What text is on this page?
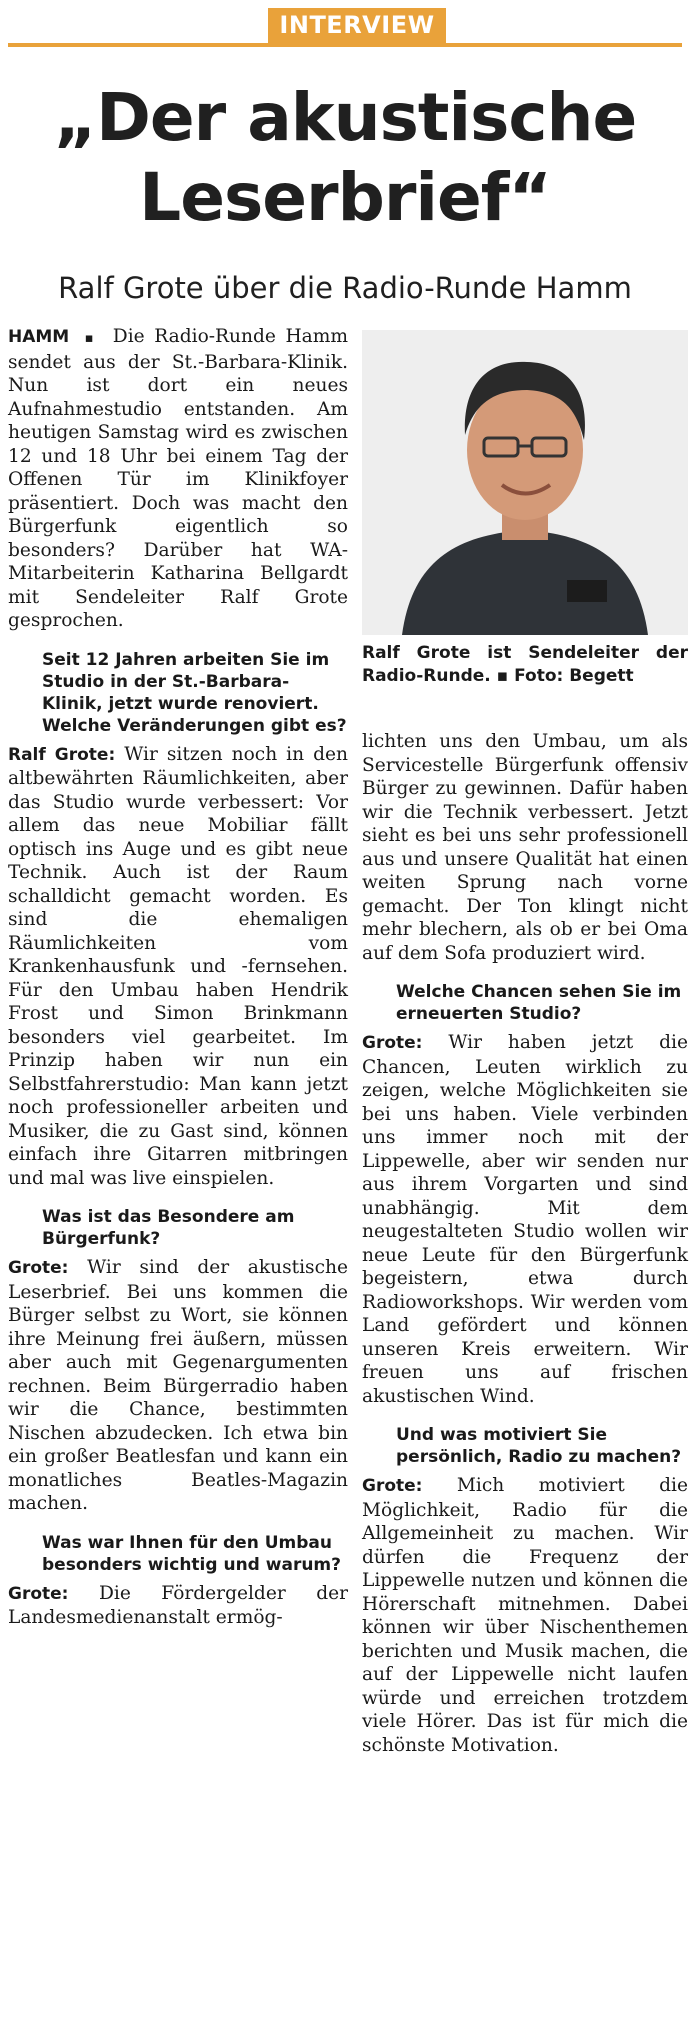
INTERVIEW
„Der akustische
Leserbrief“
Ralf Grote über die Radio-Runde Hamm

HAMM ▪ Die Radio-Runde Hamm sendet aus der St.-Barbara-Klinik. Nun ist dort ein neues Aufnahmestudio entstanden. Am heutigen Samstag wird es zwischen 12 und 18 Uhr bei einem Tag der Offenen Tür im Klinikfoyer präsentiert. Doch was macht den Bürgerfunk eigentlich so besonders? Darüber hat WA-Mitarbeiterin Katharina Bellgardt mit Sendeleiter Ralf Grote gesprochen.

Seit 12 Jahren arbeiten Sie im Studio in der St.-Barbara-Klinik, jetzt wurde renoviert. Welche Veränderungen gibt es?

Ralf Grote: Wir sitzen noch in den altbewährten Räumlichkeiten, aber das Studio wurde verbessert: Vor allem das neue Mobiliar fällt optisch ins Auge und es gibt neue Technik. Auch ist der Raum schalldicht gemacht worden. Es sind die ehemaligen Räumlichkeiten vom Krankenhausfunk und -fernsehen. Für den Umbau haben Hendrik Frost und Simon Brinkmann besonders viel gearbeitet. Im Prinzip haben wir nun ein Selbstfahrerstudio: Man kann jetzt noch professioneller arbeiten und Musiker, die zu Gast sind, können einfach ihre Gitarren mitbringen und mal was live einspielen.

Was ist das Besondere am Bürgerfunk?

Grote: Wir sind der akustische Leserbrief. Bei uns kommen die Bürger selbst zu Wort, sie können ihre Meinung frei äußern, müssen aber auch mit Gegenargumenten rechnen. Beim Bürgerradio haben wir die Chance, bestimmten Nischen abzudecken. Ich etwa bin ein großer Beatlesfan und kann ein monatliches Beatles-Magazin machen.

Was war Ihnen für den Umbau besonders wichtig und warum?

Grote: Die Fördergelder der Landesmedienanstalt ermög-

Ralf Grote ist Sendeleiter der Radio-Runde. ▪ Foto: Begett

lichten uns den Umbau, um als Servicestelle Bürgerfunk offensiv Bürger zu gewinnen. Dafür haben wir die Technik verbessert. Jetzt sieht es bei uns sehr professionell aus und unsere Qualität hat einen weiten Sprung nach vorne gemacht. Der Ton klingt nicht mehr blechern, als ob er bei Oma auf dem Sofa produziert wird.

Welche Chancen sehen Sie im erneuerten Studio?

Grote: Wir haben jetzt die Chancen, Leuten wirklich zu zeigen, welche Möglichkeiten sie bei uns haben. Viele verbinden uns immer noch mit der Lippewelle, aber wir senden nur aus ihrem Vorgarten und sind unabhängig. Mit dem neugestalteten Studio wollen wir neue Leute für den Bürgerfunk begeistern, etwa durch Radioworkshops. Wir werden vom Land gefördert und können unseren Kreis erweitern. Wir freuen uns auf frischen akustischen Wind.

Und was motiviert Sie persönlich, Radio zu machen?

Grote: Mich motiviert die Möglichkeit, Radio für die Allgemeinheit zu machen. Wir dürfen die Frequenz der Lippewelle nutzen und können die Hörerschaft mitnehmen. Dabei können wir über Nischenthemen berichten und Musik machen, die auf der Lippewelle nicht laufen würde und erreichen trotzdem viele Hörer. Das ist für mich die schönste Motivation.
